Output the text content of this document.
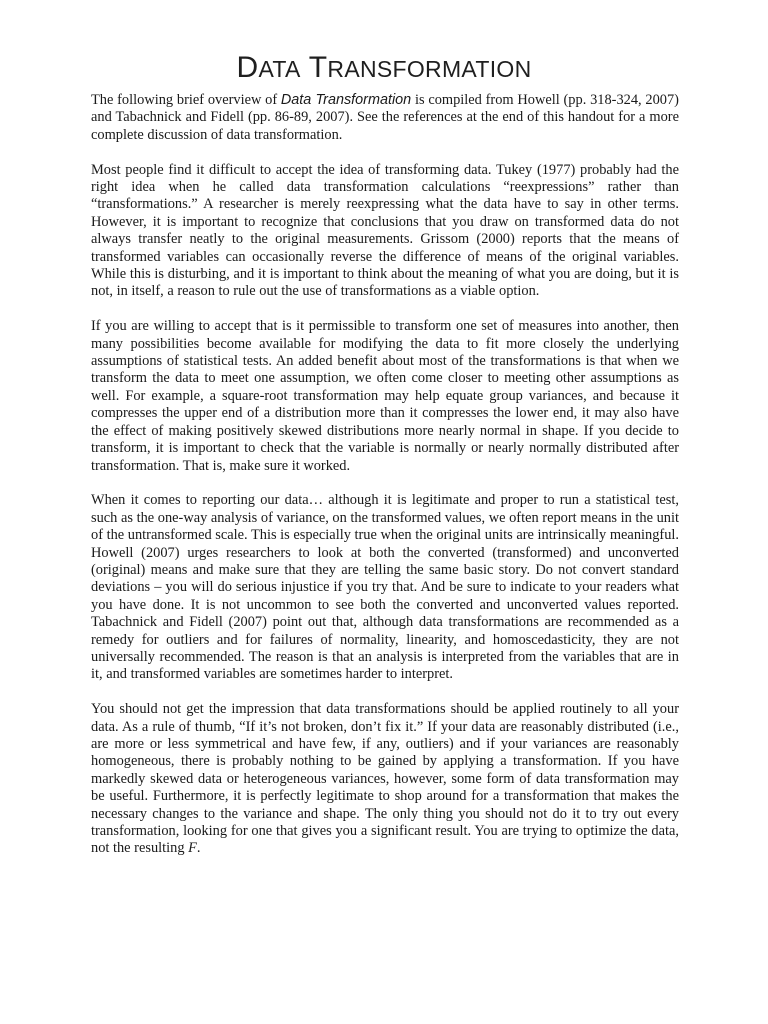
DATA TRANSFORMATION

The following brief overview of Data Transformation is compiled from Howell (pp. 318-324, 2007) and Tabachnick and Fidell (pp. 86-89, 2007). See the references at the end of this handout for a more complete discussion of data transformation.

Most people find it difficult to accept the idea of transforming data. Tukey (1977) probably had the right idea when he called data transformation calculations “reexpressions” rather than “transformations.” A researcher is merely reexpressing what the data have to say in other terms. However, it is important to recognize that conclusions that you draw on transformed data do not always transfer neatly to the original measurements. Grissom (2000) reports that the means of transformed variables can occasionally reverse the difference of means of the original variables. While this is disturbing, and it is important to think about the meaning of what you are doing, but it is not, in itself, a reason to rule out the use of transformations as a viable option.

If you are willing to accept that is it permissible to transform one set of measures into another, then many possibilities become available for modifying the data to fit more closely the underlying assumptions of statistical tests. An added benefit about most of the transformations is that when we transform the data to meet one assumption, we often come closer to meeting other assumptions as well. For example, a square-root transformation may help equate group variances, and because it compresses the upper end of a distribution more than it compresses the lower end, it may also have the effect of making positively skewed distributions more nearly normal in shape. If you decide to transform, it is important to check that the variable is normally or nearly normally distributed after transformation. That is, make sure it worked.

When it comes to reporting our data… although it is legitimate and proper to run a statistical test, such as the one-way analysis of variance, on the transformed values, we often report means in the unit of the untransformed scale. This is especially true when the original units are intrinsically meaningful. Howell (2007) urges researchers to look at both the converted (transformed) and unconverted (original) means and make sure that they are telling the same basic story. Do not convert standard deviations – you will do serious injustice if you try that. And be sure to indicate to your readers what you have done. It is not uncommon to see both the converted and unconverted values reported. Tabachnick and Fidell (2007) point out that, although data transformations are recommended as a remedy for outliers and for failures of normality, linearity, and homoscedasticity, they are not universally recommended. The reason is that an analysis is interpreted from the variables that are in it, and transformed variables are sometimes harder to interpret.

You should not get the impression that data transformations should be applied routinely to all your data. As a rule of thumb, “If it’s not broken, don’t fix it.” If your data are reasonably distributed (i.e., are more or less symmetrical and have few, if any, outliers) and if your variances are reasonably homogeneous, there is probably nothing to be gained by applying a transformation. If you have markedly skewed data or heterogeneous variances, however, some form of data transformation may be useful. Furthermore, it is perfectly legitimate to shop around for a transformation that makes the necessary changes to the variance and shape. The only thing you should not do it to try out every transformation, looking for one that gives you a significant result. You are trying to optimize the data, not the resulting F.
